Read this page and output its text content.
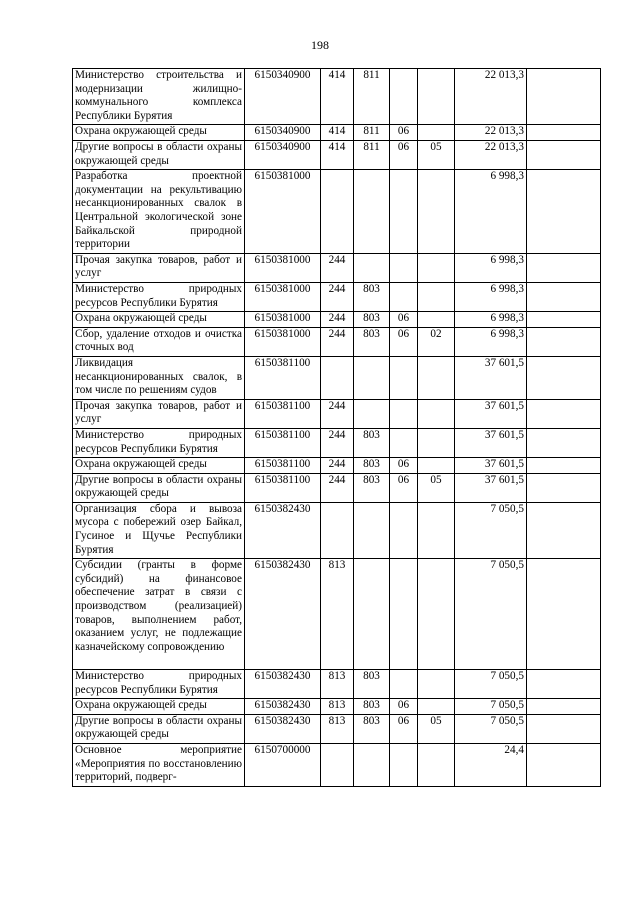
198
Министерство строительства и модернизации жилищно-коммунального комплекса Республики Бурятия	6150340900	414	811			22 013,3	
Охрана окружающей среды	6150340900	414	811	06		22 013,3	
Другие вопросы в области охраны окружающей среды	6150340900	414	811	06	05	22 013,3	
Разработка проектной документации на рекультивацию несанкционированных свалок в Центральной экологической зоне Байкальской природной территории	6150381000					6 998,3	
Прочая закупка товаров, работ и услуг	6150381000	244				6 998,3	
Министерство природных ресурсов Республики Бурятия	6150381000	244	803			6 998,3	
Охрана окружающей среды	6150381000	244	803	06		6 998,3	
Сбор, удаление отходов и очистка сточных вод	6150381000	244	803	06	02	6 998,3	
Ликвидация несанкционированных свалок, в том числе по решениям судов	6150381100					37 601,5	
Прочая закупка товаров, работ и услуг	6150381100	244				37 601,5	
Министерство природных ресурсов Республики Бурятия	6150381100	244	803			37 601,5	
Охрана окружающей среды	6150381100	244	803	06		37 601,5	
Другие вопросы в области охраны окружающей среды	6150381100	244	803	06	05	37 601,5	
Организация сбора и вывоза мусора с побережий озер Байкал, Гусиное и Щучье Республики Бурятия	6150382430					7 050,5	
Субсидии (гранты в форме субсидий) на финансовое обеспечение затрат в связи с производством (реализацией) товаров, выполнением работ, оказанием услуг, не подлежащие казначейскому сопровождению	6150382430	813				7 050,5	
Министерство природных ресурсов Республики Бурятия	6150382430	813	803			7 050,5	
Охрана окружающей среды	6150382430	813	803	06		7 050,5	
Другие вопросы в области охраны окружающей среды	6150382430	813	803	06	05	7 050,5	
Основное мероприятие «Мероприятия по восстановлению территорий, подверг-	6150700000					24,4	
